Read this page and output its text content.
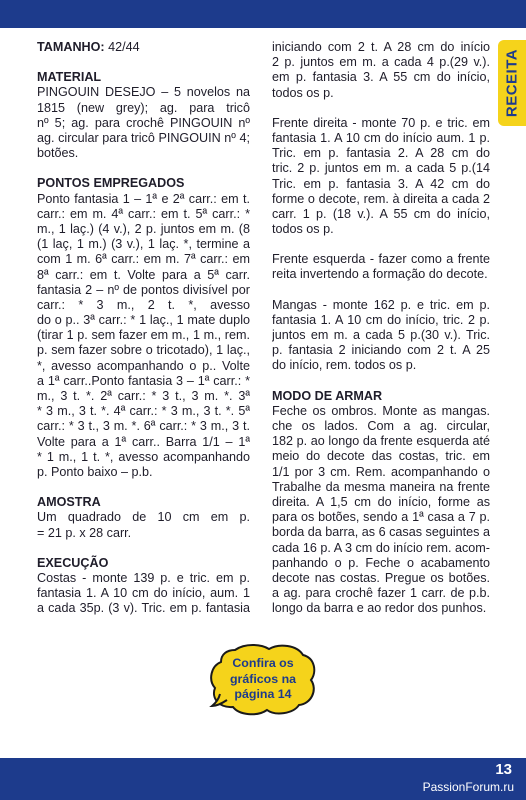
RECEITA
TAMANHO: 42/44
MATERIAL
PINGOUIN DESEJO – 5 novelos na
1815 (new grey); ag. para tricô
nº 5; ag. para crochê PINGOUIN nº
ag. circular para tricô PINGOUIN nº 4;
botões.
PONTOS EMPREGADOS
Ponto fantasia 1 – 1ª e 2ª carr.: em t.
carr.: em m. 4ª carr.: em t. 5ª carr.: *
m., 1 laç.) (4 v.), 2 p. juntos em m. (8
(1 laç, 1 m.) (3 v.), 1 laç. *, termine a
com 1 m. 6ª carr.: em m. 7ª carr.: em
8ª carr.: em t. Volte para a 5ª carr.
fantasia 2 – nº de pontos divisível por
carr.: * 3 m., 2 t. *, avesso
do o p.. 3ª carr.: * 1 laç., 1 mate duplo
(tirar 1 p. sem fazer em m., 1 m., rem.
p. sem fazer sobre o tricotado), 1 laç.,
*, avesso acompanhando o p.. Volte
a 1ª carr..Ponto fantasia 3 – 1ª carr.: *
m., 3 t. *. 2ª carr.: * 3 t., 3 m. *. 3ª
* 3 m., 3 t. *. 4ª carr.: * 3 m., 3 t. *. 5ª
carr.: * 3 t., 3 m. *. 6ª carr.: * 3 m., 3 t.
Volte para a 1ª carr.. Barra 1/1 – 1ª
* 1 m., 1 t. *, avesso acompanhando
p. Ponto baixo – p.b.
AMOSTRA
Um quadrado de 10 cm em p.
= 21 p. x 28 carr.
EXECUÇÃO
Costas - monte 139 p. e tric. em p.
fantasia 1. A 10 cm do início, aum. 1
a cada 35p. (3 v). Tric. em p. fantasia
iniciando com 2 t. A 28 cm do início
2 p. juntos em m. a cada 4 p.(29 v.).
em p. fantasia 3. A 55 cm do início,
todos os p.
Frente direita - monte 70 p. e tric. em
fantasia 1. A 10 cm do início aum. 1 p.
Tric. em p. fantasia 2. A 28 cm do
tric. 2 p. juntos em m. a cada 5 p.(14
Tric. em p. fantasia 3. A 42 cm do
forme o decote, rem. à direita a cada 2
carr. 1 p. (18 v.). A 55 cm do início,
todos os p.
Frente esquerda - fazer como a frente
reita invertendo a formação do decote.
Mangas - monte 162 p. e tric. em p.
fantasia 1. A 10 cm do início, tric. 2 p.
juntos em m. a cada 5 p.(30 v.). Tric.
p. fantasia 2 iniciando com 2 t. A 25
do início, rem. todos os p.
MODO DE ARMAR
Feche os ombros. Monte as mangas.
che os lados. Com a ag. circular,
182 p. ao longo da frente esquerda até
meio do decote das costas, tric. em
1/1 por 3 cm. Rem. acompanhando o
Trabalhe da mesma maneira na frente
direita. A 1,5 cm do início, forme as
para os botões, sendo a 1ª casa a 7 p.
borda da barra, as 6 casas seguintes a
cada 16 p. A 3 cm do início rem. acom-
panhando o p. Feche o acabamento
decote nas costas. Pregue os botões.
a ag. para crochê fazer 1 carr. de p.b.
longo da barra e ao redor dos punhos.
Confira os
gráficos na
página 14
13
PassionForum.ru
